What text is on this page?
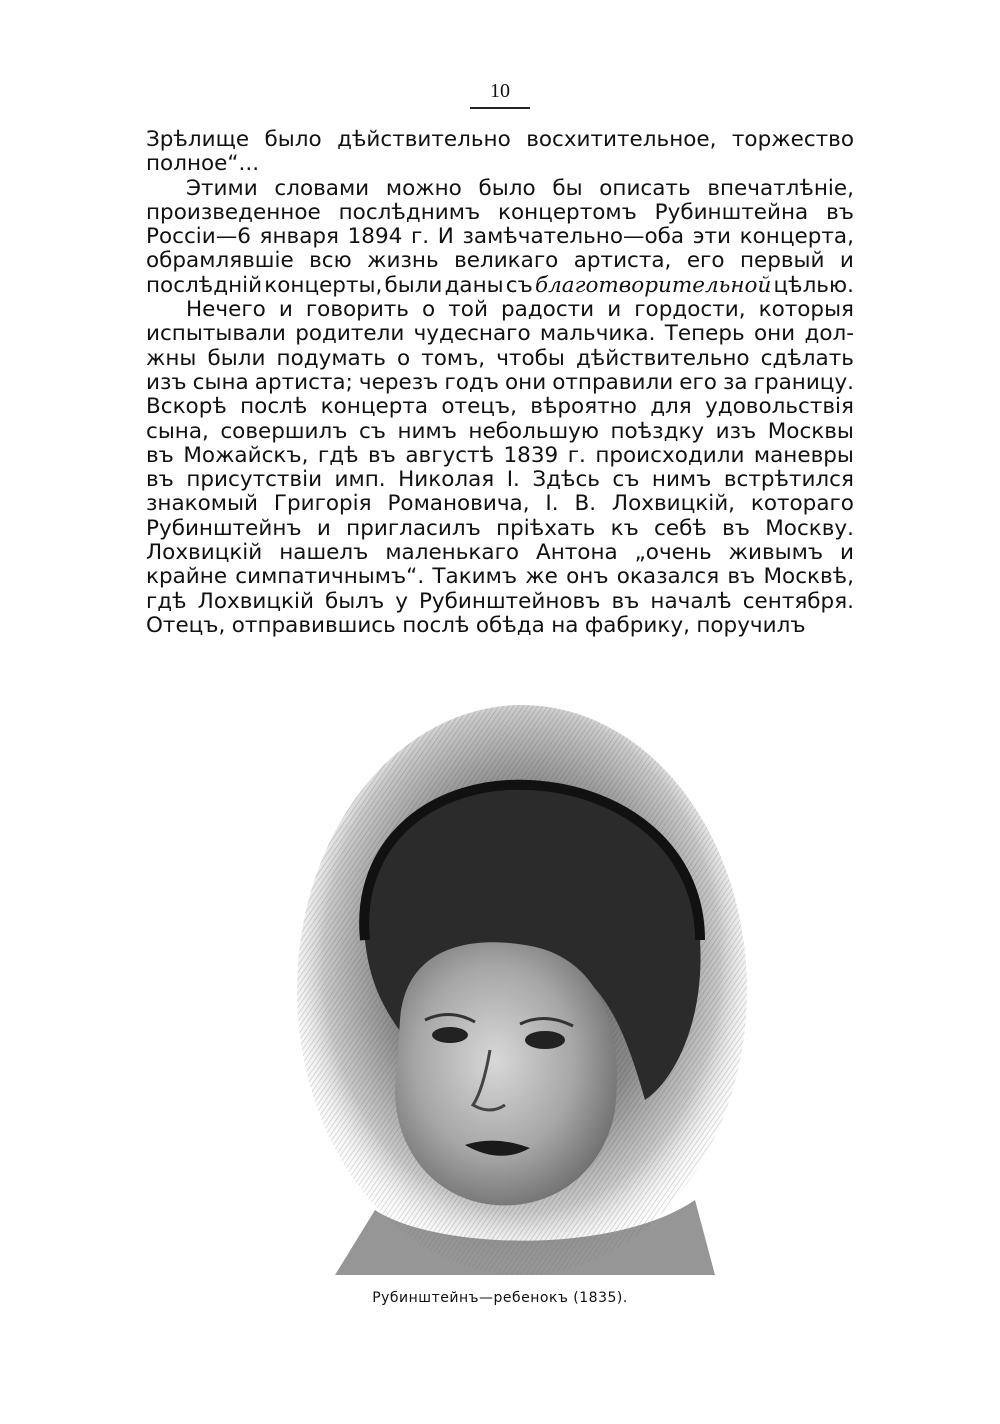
10
Зрѣлище было дѣйствительно восхитительное, торжество
полное“...
Этими словами можно было бы описать впечатлѣніе,
произведенное послѣднимъ концертомъ Рубинштейна въ
Россіи—6 января 1894 г. И замѣчательно—оба эти концерта,
обрамлявшіе всю жизнь великаго артиста, его первый и
послѣдній концерты, были даны съ благотворительной цѣлью.
Нечего и говорить о той радости и гордости, которыя
испытывали родители чудеснаго мальчика. Теперь они дол-
жны были подумать о томъ, чтобы дѣйствительно сдѣлать
изъ сына артиста; черезъ годъ они отправили его за границу.
Вскорѣ послѣ концерта отецъ, вѣроятно для удовольствія
сына, совершилъ съ нимъ небольшую поѣздку изъ Москвы
въ Можайскъ, гдѣ въ августѣ 1839 г. происходили маневры
въ присутствіи имп. Николая I. Здѣсь съ нимъ встрѣтился
знакомый Григорія Романовича, I. В. Лохвицкій, котораго
Рубинштейнъ и пригласилъ пріѣхать къ себѣ въ Москву.
Лохвицкій нашелъ маленькаго Антона „очень живымъ и
крайне симпатичнымъ“. Такимъ же онъ оказался въ Москвѣ,
гдѣ Лохвицкій былъ у Рубинштейновъ въ началѣ сентября.
Отецъ, отправившись послѣ обѣда на фабрику, поручилъ
Рубинштейнъ—ребенокъ (1835).
